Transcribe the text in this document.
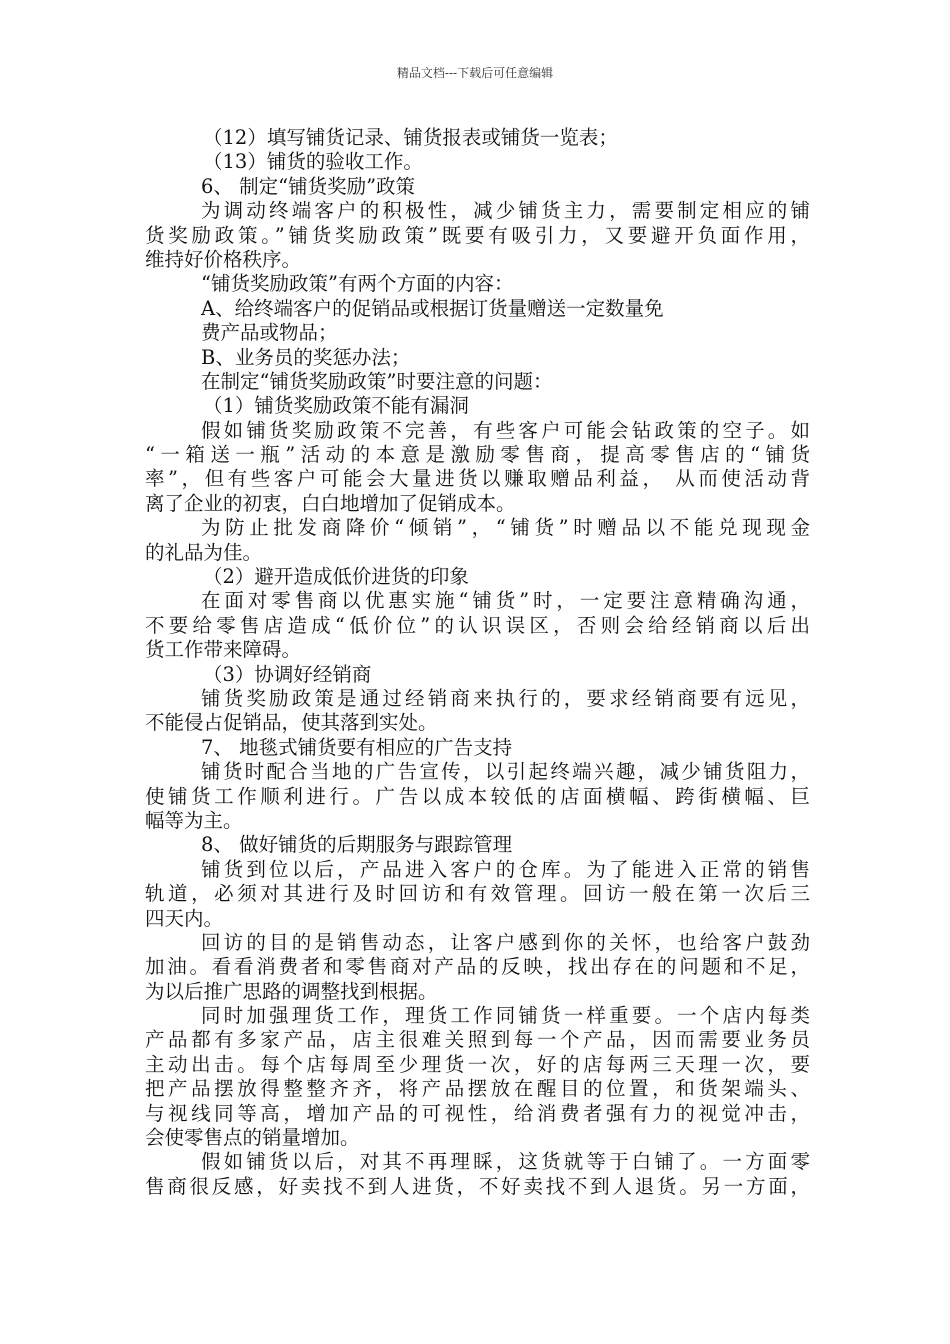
精品文档---下载后可任意编辑
（12）填写铺货记录、铺货报表或铺货一览表；
（13）铺货的验收工作。
6、 制定“铺货奖励”政策
为调动终端客户的积极性，减少铺货主力，需要制定相应的铺
货奖励政策。”铺货奖励政策”既要有吸引力，又要避开负面作用，
维持好价格秩序。
“铺货奖励政策”有两个方面的内容：
A、给终端客户的促销品或根据订货量赠送一定数量免
费产品或物品；
B、业务员的奖惩办法；
在制定“铺货奖励政策”时要注意的问题：
（1）铺货奖励政策不能有漏洞
假如铺货奖励政策不完善，有些客户可能会钻政策的空子。如
“一箱送一瓶”活动的本意是激励零售商，提高零售店的“铺货
率”，但有些客户可能会大量进货以赚取赠品利益， 从而使活动背
离了企业的初衷，白白地增加了促销成本。
为防止批发商降价“倾销”，“铺货”时赠品以不能兑现现金
的礼品为佳。
（2）避开造成低价进货的印象
在面对零售商以优惠实施“铺货”时，一定要注意精确沟通，
不要给零售店造成“低价位”的认识误区，否则会给经销商以后出
货工作带来障碍。
（3）协调好经销商
铺货奖励政策是通过经销商来执行的，要求经销商要有远见，
不能侵占促销品，使其落到实处。
7、 地毯式铺货要有相应的广告支持
铺货时配合当地的广告宣传，以引起终端兴趣，减少铺货阻力，
使铺货工作顺利进行。广告以成本较低的店面横幅、跨街横幅、巨
幅等为主。
8、 做好铺货的后期服务与跟踪管理
铺货到位以后，产品进入客户的仓库。为了能进入正常的销售
轨道，必须对其进行及时回访和有效管理。回访一般在第一次后三
四天内。
回访的目的是销售动态，让客户感到你的关怀，也给客户鼓劲
加油。看看消费者和零售商对产品的反映，找出存在的问题和不足，
为以后推广思路的调整找到根据。
同时加强理货工作，理货工作同铺货一样重要。一个店内每类
产品都有多家产品，店主很难关照到每一个产品，因而需要业务员
主动出击。每个店每周至少理货一次，好的店每两三天理一次，要
把产品摆放得整整齐齐，将产品摆放在醒目的位置，和货架端头、
与视线同等高，增加产品的可视性，给消费者强有力的视觉冲击，
会使零售点的销量增加。
假如铺货以后，对其不再理睬，这货就等于白铺了。一方面零
售商很反感，好卖找不到人进货，不好卖找不到人退货。另一方面，
